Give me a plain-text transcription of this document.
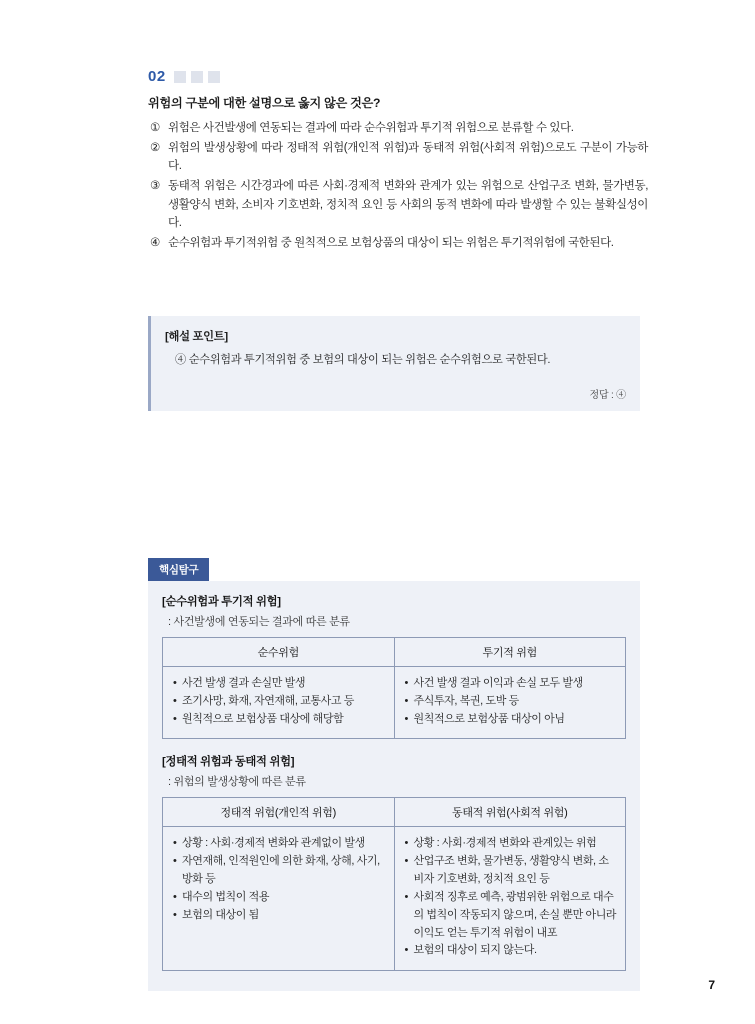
02
위험의 구분에 대한 설명으로 옳지 않은 것은?
① 위험은 사건발생에 연동되는 결과에 따라 순수위험과 투기적 위험으로 분류할 수 있다.
② 위험의 발생상황에 따라 정태적 위험(개인적 위험)과 동태적 위험(사회적 위험)으로도 구분이 가능하다.
③ 동태적 위험은 시간경과에 따른 사회·경제적 변화와 관계가 있는 위험으로 산업구조 변화, 물가변동, 생활양식 변화, 소비자 기호변화, 정치적 요인 등 사회의 동적 변화에 따라 발생할 수 있는 불확실성이다.
④ 순수위험과 투기적위험 중 원칙적으로 보험상품의 대상이 되는 위험은 투기적위험에 국한된다.
[해설 포인트]
④ 순수위험과 투기적위험 중 보험의 대상이 되는 위험은 순수위험으로 국한된다.
정답 : ④
핵심탐구
[순수위험과 투기적 위험]
: 사건발생에 연동되는 결과에 따른 분류
순수위험	투기적 위험

• 사건 발생 결과 손실만 발생
• 조기사망, 화재, 자연재해, 교통사고 등
• 원칙적으로 보험상품 대상에 해당함

• 사건 발생 결과 이익과 손실 모두 발생
• 주식투자, 복권, 도박 등
• 원칙적으로 보험상품 대상이 아님
[정태적 위험과 동태적 위험]
: 위험의 발생상황에 따른 분류
정태적 위험(개인적 위험)	동태적 위험(사회적 위험)

• 상황 : 사회·경제적 변화와 관계없이 발생
• 자연재해, 인적원인에 의한 화재, 상해, 사기, 방화 등
• 대수의 법칙이 적용
• 보험의 대상이 됨

• 상황 : 사회·경제적 변화와 관계있는 위험
• 산업구조 변화, 물가변동, 생활양식 변화, 소비자 기호변화, 정치적 요인 등
• 사회적 징후로 예측, 광범위한 위험으로 대수의 법칙이 작동되지 않으며, 손실 뿐만 아니라 이익도 얻는 투기적 위험이 내포
• 보험의 대상이 되지 않는다.
7
